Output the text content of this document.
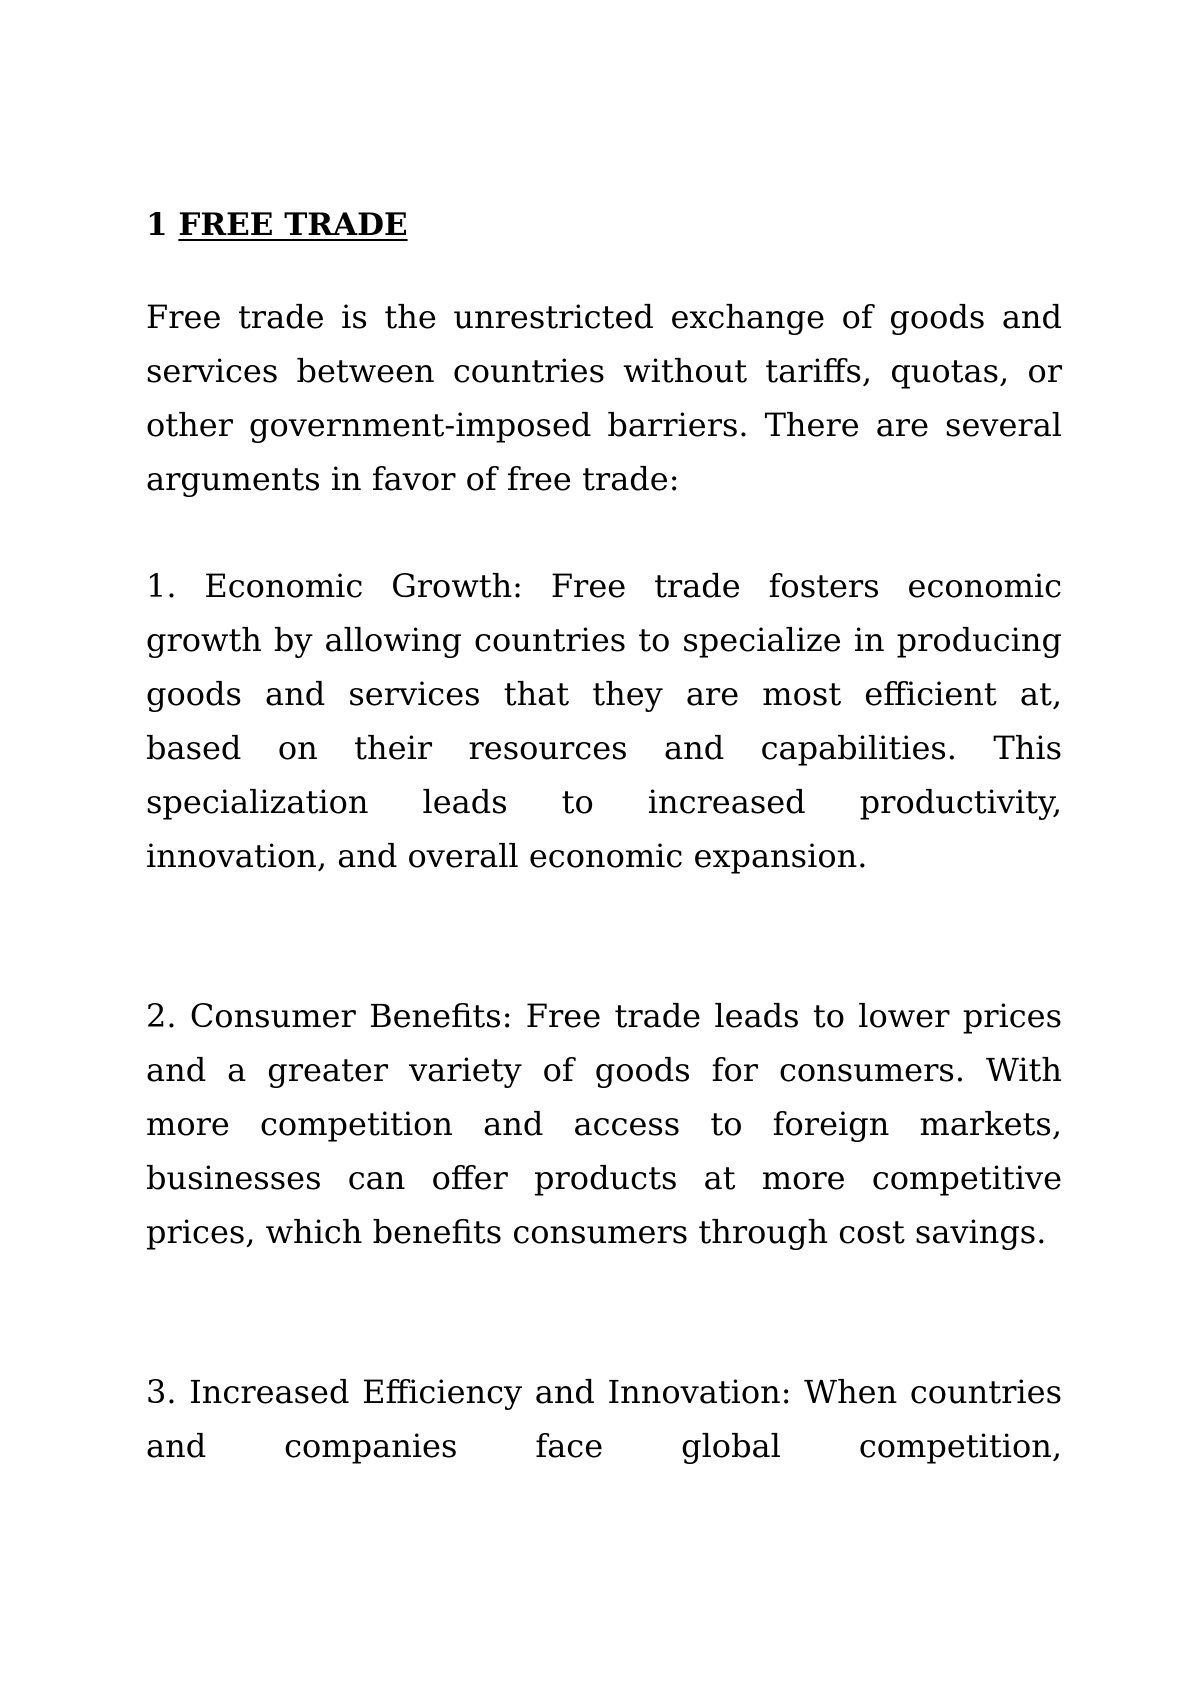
1 FREE TRADE

Free trade is the unrestricted exchange of goods and services between countries without tariffs, quotas, or other government-imposed barriers. There are several arguments in favor of free trade:

1. Economic Growth: Free trade fosters economic growth by allowing countries to specialize in producing goods and services that they are most efficient at, based on their resources and capabilities. This specialization leads to increased productivity, innovation, and overall economic expansion.

2. Consumer Benefits: Free trade leads to lower prices and a greater variety of goods for consumers. With more competition and access to foreign markets, businesses can offer products at more competitive prices, which benefits consumers through cost savings.

3. Increased Efficiency and Innovation: When countries and companies face global competition,
